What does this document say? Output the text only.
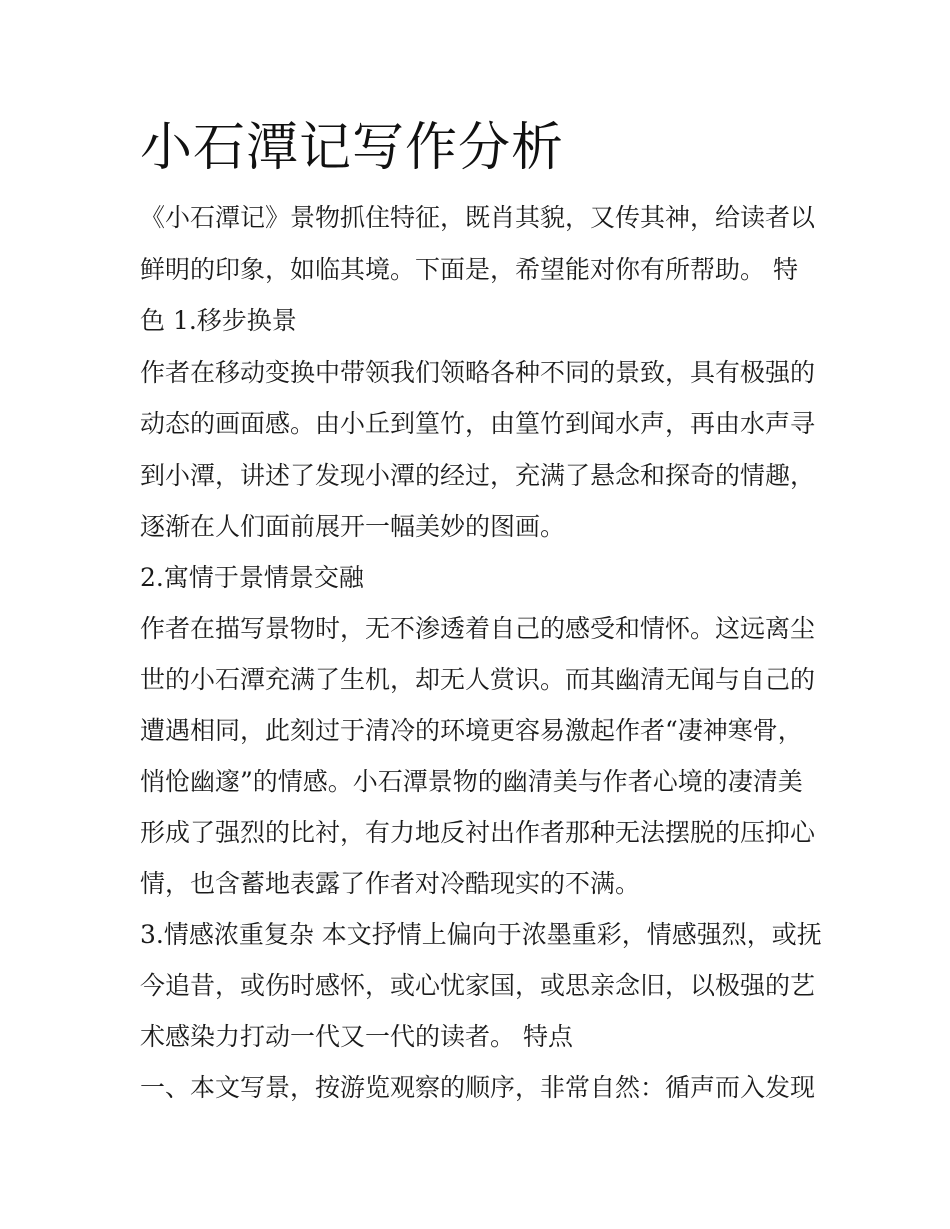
小石潭记写作分析
《小石潭记》景物抓住特征，既肖其貌，又传其神，给读者以
鲜明的印象，如临其境。下面是，希望能对你有所帮助。 特
色 1.移步换景
作者在移动变换中带领我们领略各种不同的景致，具有极强的
动态的画面感。由小丘到篁竹，由篁竹到闻水声，再由水声寻
到小潭，讲述了发现小潭的经过，充满了悬念和探奇的情趣，
逐渐在人们面前展开一幅美妙的图画。
2.寓情于景情景交融
作者在描写景物时，无不渗透着自己的感受和情怀。这远离尘
世的小石潭充满了生机，却无人赏识。而其幽清无闻与自己的
遭遇相同，此刻过于清冷的环境更容易激起作者“凄神寒骨，
悄怆幽邃”的情感。小石潭景物的幽清美与作者心境的凄清美
形成了强烈的比衬，有力地反衬出作者那种无法摆脱的压抑心
情，也含蓄地表露了作者对冷酷现实的不满。
3.情感浓重复杂 本文抒情上偏向于浓墨重彩，情感强烈，或抚
今追昔，或伤时感怀，或心忧家国，或思亲念旧，以极强的艺
术感染力打动一代又一代的读者。 特点
一、本文写景，按游览观察的顺序，非常自然：循声而入发现
